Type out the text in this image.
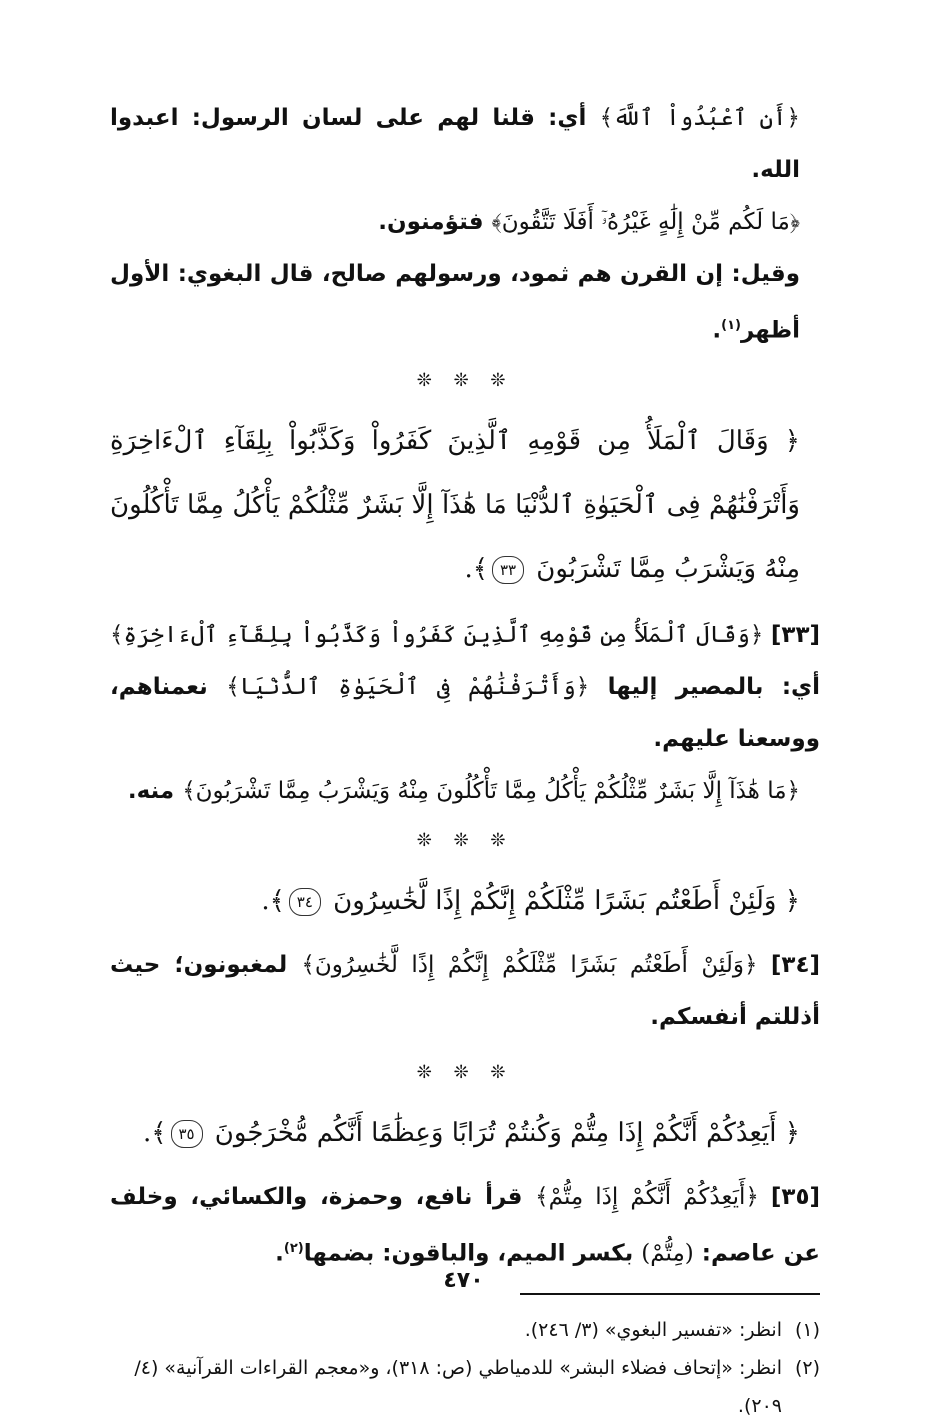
﴿أَنِ ٱعْبُدُواْ ٱللَّهَ﴾ أي: قلنا لهم على لسان الرسول: اعبدوا الله.

﴿مَا لَكُم مِّنْ إِلَٰهٍ غَيْرُهُۥٓ أَفَلَا تَتَّقُونَ﴾ فتؤمنون.

وقيل: إن القرن هم ثمود، ورسولهم صالح، قال البغوي: الأول أظهر$^{(١)}$.

❊ ❊ ❊

﴿ وَقَالَ ٱلْمَلَأُ مِن قَوْمِهِ ٱلَّذِينَ كَفَرُواْ وَكَذَّبُواْ بِلِقَآءِ ٱلْءَاخِرَةِ وَأَتْرَفْنَٰهُمْ فِى ٱلْحَيَوٰةِ ٱلدُّنْيَا مَا هَٰذَآ إِلَّا بَشَرٌ مِّثْلُكُمْ يَأْكُلُ مِمَّا تَأْكُلُونَ مِنْهُ وَيَشْرَبُ مِمَّا تَشْرَبُونَ ٣٣﴾.

[٣٣] ﴿وَقَالَ ٱلْمَلَأُ مِن قَوْمِهِ ٱلَّذِينَ كَفَرُواْ وَكَذَّبُواْ بِلِقَآءِ ٱلْءَاخِرَةِ﴾ أي: بالمصير إليها ﴿وَأَتْرَفْنَٰهُمْ فِى ٱلْحَيَوٰةِ ٱلدُّنْيَا﴾ نعمناهم، ووسعنا عليهم.

﴿مَا هَٰذَآ إِلَّا بَشَرٌ مِّثْلُكُمْ يَأْكُلُ مِمَّا تَأْكُلُونَ مِنْهُ وَيَشْرَبُ مِمَّا تَشْرَبُونَ﴾ منه.

❊ ❊ ❊

﴿ وَلَئِنْ أَطَعْتُم بَشَرًا مِّثْلَكُمْ إِنَّكُمْ إِذًا لَّخَٰسِرُونَ ٣٤﴾.

[٣٤] ﴿وَلَئِنْ أَطَعْتُم بَشَرًا مِّثْلَكُمْ إِنَّكُمْ إِذًا لَّخَٰسِرُونَ﴾ لمغبونون؛ حيث أذللتم أنفسكم.

❊ ❊ ❊

﴿ أَيَعِدُكُمْ أَنَّكُمْ إِذَا مِتُّمْ وَكُنتُمْ تُرَابًا وَعِظَٰمًا أَنَّكُم مُّخْرَجُونَ ٣٥﴾.

[٣٥] ﴿أَيَعِدُكُمْ أَنَّكُمْ إِذَا مِتُّمْ﴾ قرأ نافع، وحمزة، والكسائي، وخلف عن عاصم: (مِتُّمْ) بكسر الميم، والباقون: بضمها$^{(٢)}$.

(١)
انظر: «تفسير البغوي» (٣/ ٢٤٦).

(٢)
انظر: «إتحاف فضلاء البشر» للدمياطي (ص: ٣١٨)، و«معجم القراءات القرآنية» (٤/ ٢٠٩).

٤٧٠
